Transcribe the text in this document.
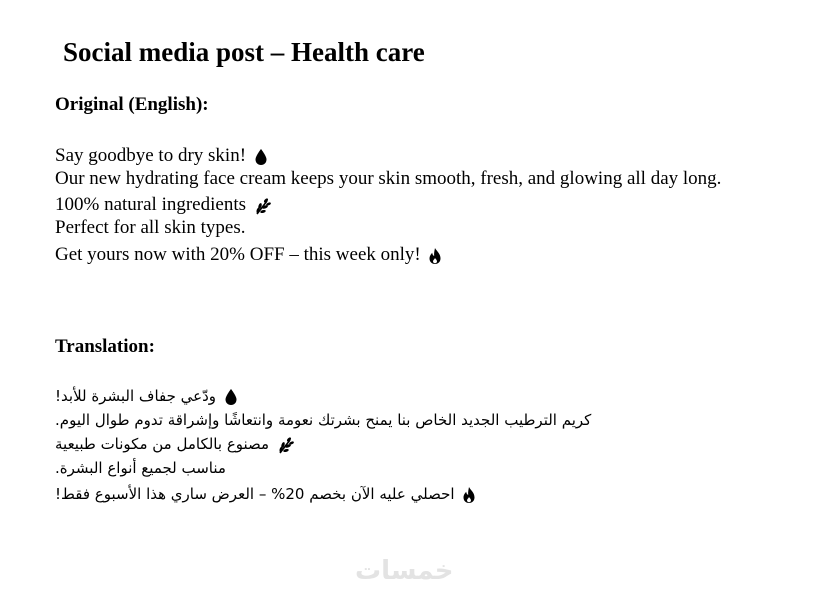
Social media post – Health care
Original (English):
Say goodbye to dry skin!
Our new hydrating face cream keeps your skin smooth, fresh, and glowing all day long.
100% natural ingredients
Perfect for all skin types.
Get yours now with 20% OFF – this week only!
Translation:
!ودّعي جفاف البشرة للأبد
.كريم الترطيب الجديد الخاص بنا يمنح بشرتك نعومة وانتعاشًا وإشراقة تدوم طوال اليوم
مصنوع بالكامل من مكونات طبيعية
.مناسب لجميع أنواع البشرة
!احصلي عليه الآن بخصم 20% – العرض ساري هذا الأسبوع فقط
خمسات
